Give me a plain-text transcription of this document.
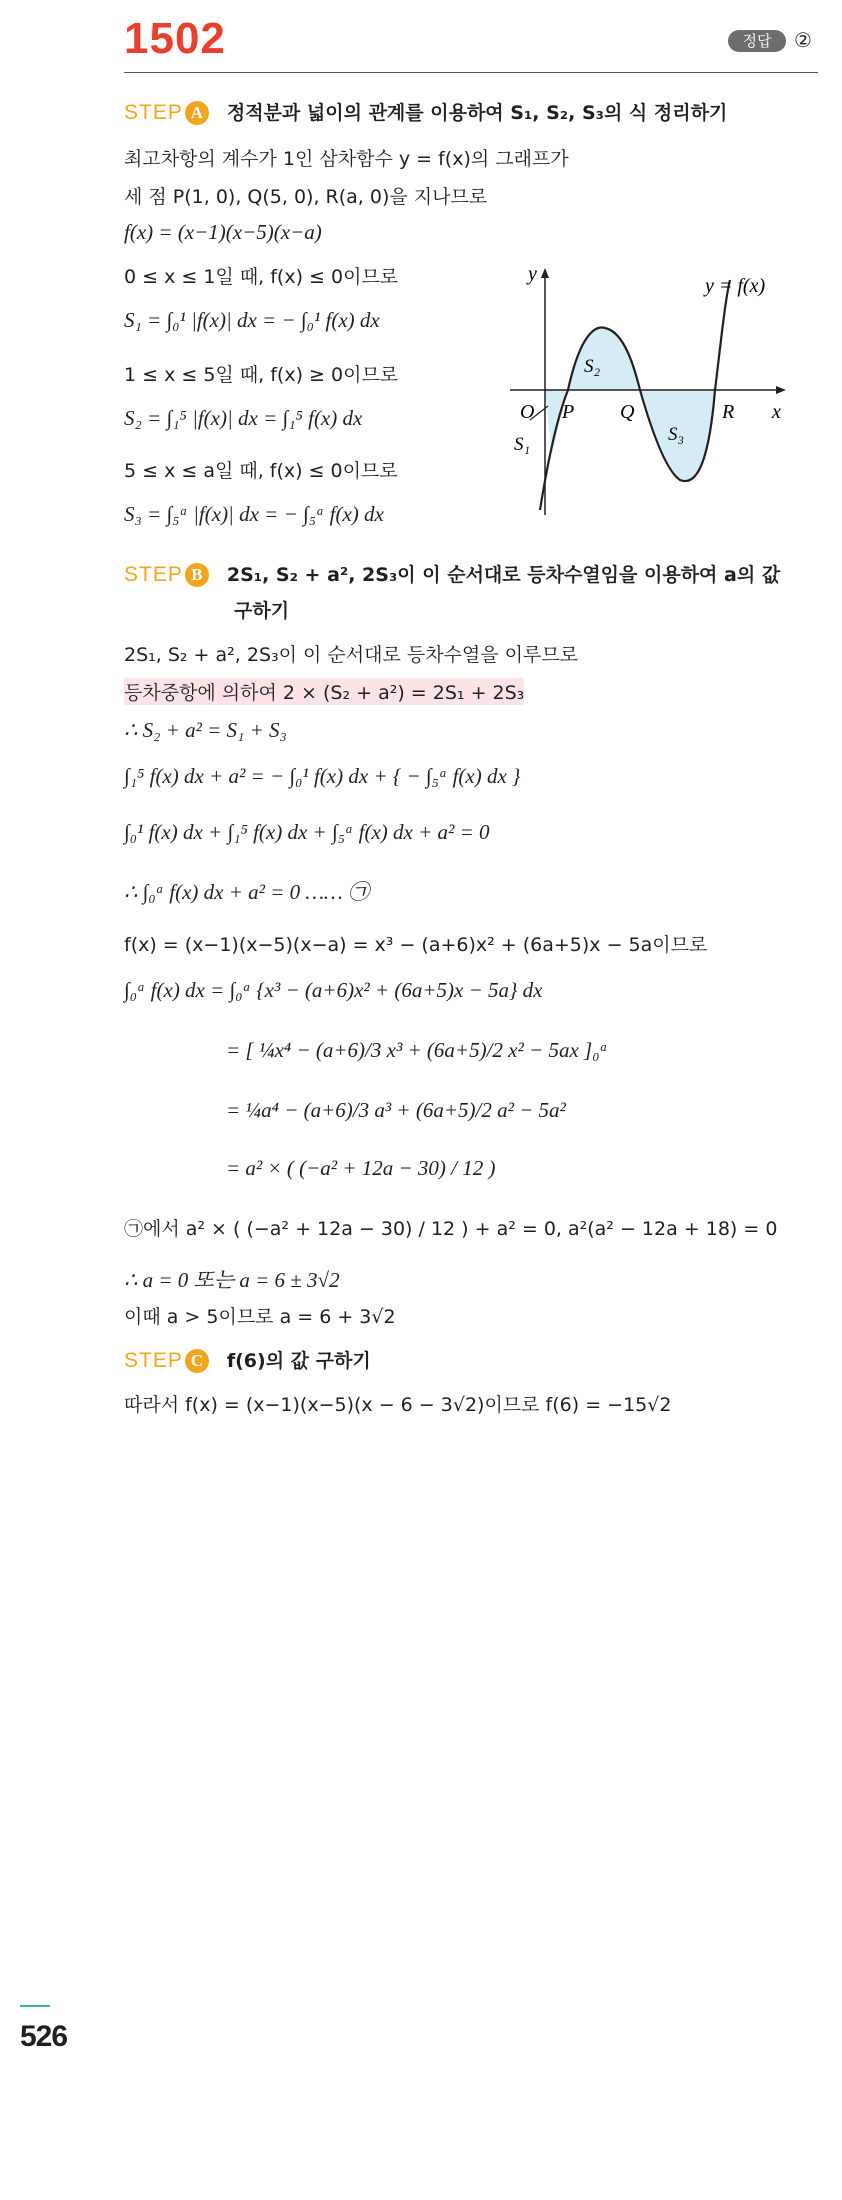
1502	정답	②
STEP A 정적분과 넓이의 관계를 이용하여 S₁, S₂, S₃의 식 정리하기
최고차항의 계수가 1인 삼차함수 y = f(x)의 그래프가
세 점 P(1, 0), Q(5, 0), R(a, 0)을 지나므로
f(x) = (x−1)(x−5)(x−a)
0 ≤ x ≤ 1일 때, f(x) ≤ 0이므로
S₁ = ∫₀¹ |f(x)| dx = − ∫₀¹ f(x) dx
1 ≤ x ≤ 5일 때, f(x) ≥ 0이므로
S₂ = ∫₁⁵ |f(x)| dx = ∫₁⁵ f(x) dx
5 ≤ x ≤ a일 때, f(x) ≤ 0이므로
S₃ = ∫₅ᵃ |f(x)| dx = − ∫₅ᵃ f(x) dx
y
y = f(x)
x
O P Q	R
S₁
S₂
S₃
STEP B 2S₁, S₂ + a², 2S₃이 이 순서대로 등차수열임을 이용하여 a의 값
구하기
2S₁, S₂ + a², 2S₃이 이 순서대로 등차수열을 이루므로
등차중항에 의하여 2 × (S₂ + a²) = 2S₁ + 2S₃
∴ S₂ + a² = S₁ + S₃
∫₁⁵ f(x) dx + a² = − ∫₀¹ f(x) dx + { − ∫₅ᵃ f(x) dx }
∫₀¹ f(x) dx + ∫₁⁵ f(x) dx + ∫₅ᵃ f(x) dx + a² = 0
∴ ∫₀ᵃ f(x) dx + a² = 0 …… ㉠
f(x) = (x−1)(x−5)(x−a) = x³ − (a+6)x² + (6a+5)x − 5a이므로
∫₀ᵃ f(x) dx = ∫₀ᵃ {x³ − (a+6)x² + (6a+5)x − 5a} dx
= [ ¼x⁴ − (a+6)/3 x³ + (6a+5)/2 x² − 5ax ]₀ᵃ
= ¼a⁴ − (a+6)/3 a³ + (6a+5)/2 a² − 5a²
= a² × ( (−a² + 12a − 30) / 12 )
㉠에서 a² × ( (−a² + 12a − 30) / 12 ) + a² = 0, a²(a² − 12a + 18) = 0
∴ a = 0 또는 a = 6 ± 3√2
이때 a > 5이므로 a = 6 + 3√2
STEP C f(6)의 값 구하기
따라서 f(x) = (x−1)(x−5)(x − 6 − 3√2)이므로 f(6) = −15√2
526
